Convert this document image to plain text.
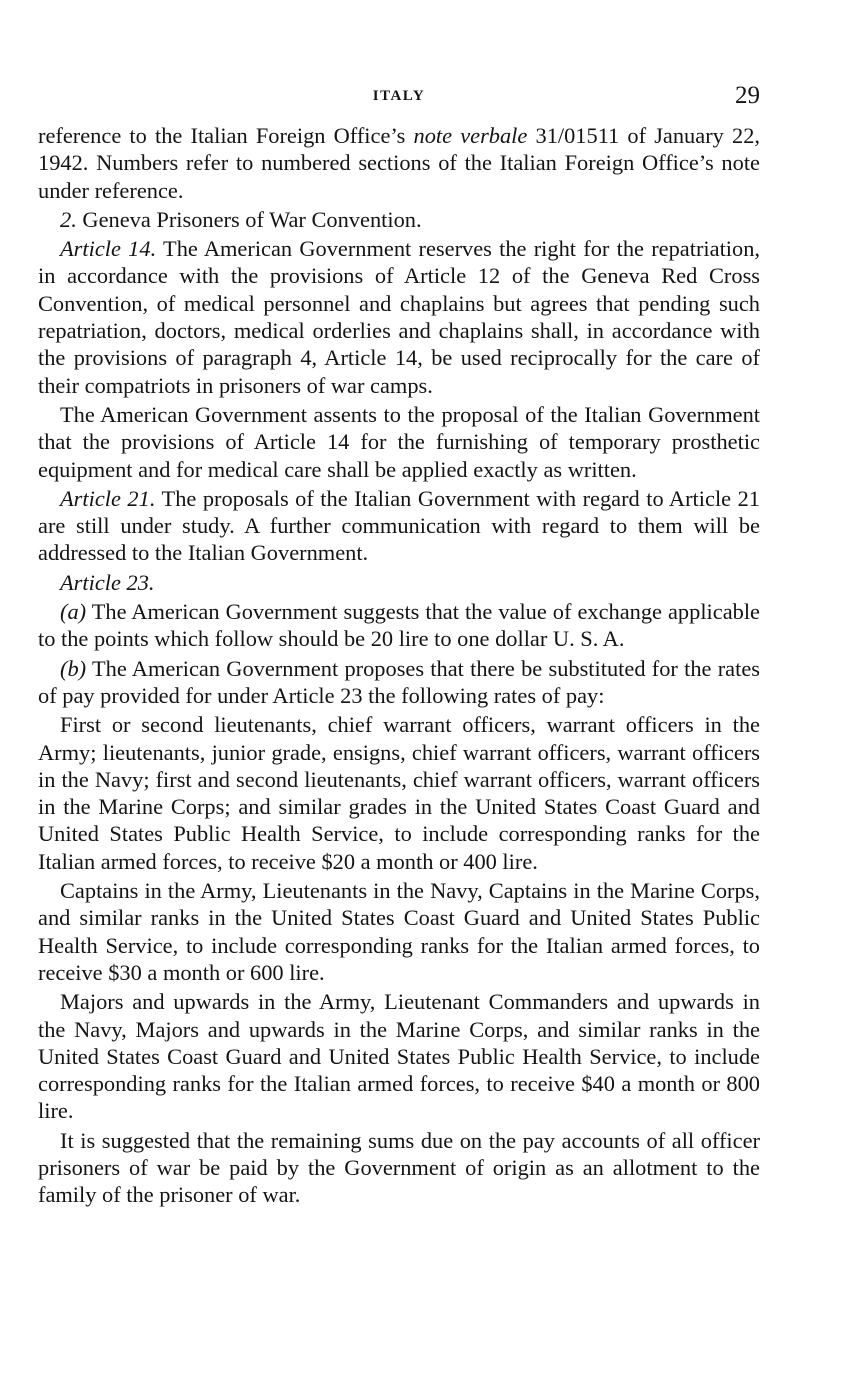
ITALY	29

reference to the Italian Foreign Office’s note verbale 31/01511 of January 22, 1942. Numbers refer to numbered sections of the Italian Foreign Office’s note under reference.

2. Geneva Prisoners of War Convention.

Article 14. The American Government reserves the right for the repatriation, in accordance with the provisions of Article 12 of the Geneva Red Cross Convention, of medical personnel and chaplains but agrees that pending such repatriation, doctors, medical orderlies and chaplains shall, in accordance with the provisions of paragraph 4, Article 14, be used reciprocally for the care of their compatriots in prisoners of war camps.

The American Government assents to the proposal of the Italian Government that the provisions of Article 14 for the furnishing of temporary prosthetic equipment and for medical care shall be applied exactly as written.

Article 21. The proposals of the Italian Government with regard to Article 21 are still under study. A further communication with regard to them will be addressed to the Italian Government.

Article 23.

(a) The American Government suggests that the value of exchange applicable to the points which follow should be 20 lire to one dollar U. S. A.

(b) The American Government proposes that there be substituted for the rates of pay provided for under Article 23 the following rates of pay:

First or second lieutenants, chief warrant officers, warrant officers in the Army; lieutenants, junior grade, ensigns, chief warrant officers, warrant officers in the Navy; first and second lieutenants, chief warrant officers, warrant officers in the Marine Corps; and similar grades in the United States Coast Guard and United States Public Health Service, to include corresponding ranks for the Italian armed forces, to receive $20 a month or 400 lire.

Captains in the Army, Lieutenants in the Navy, Captains in the Marine Corps, and similar ranks in the United States Coast Guard and United States Public Health Service, to include corresponding ranks for the Italian armed forces, to receive $30 a month or 600 lire.

Majors and upwards in the Army, Lieutenant Commanders and upwards in the Navy, Majors and upwards in the Marine Corps, and similar ranks in the United States Coast Guard and United States Public Health Service, to include corresponding ranks for the Italian armed forces, to receive $40 a month or 800 lire.

It is suggested that the remaining sums due on the pay accounts of all officer prisoners of war be paid by the Government of origin as an allotment to the family of the prisoner of war.
